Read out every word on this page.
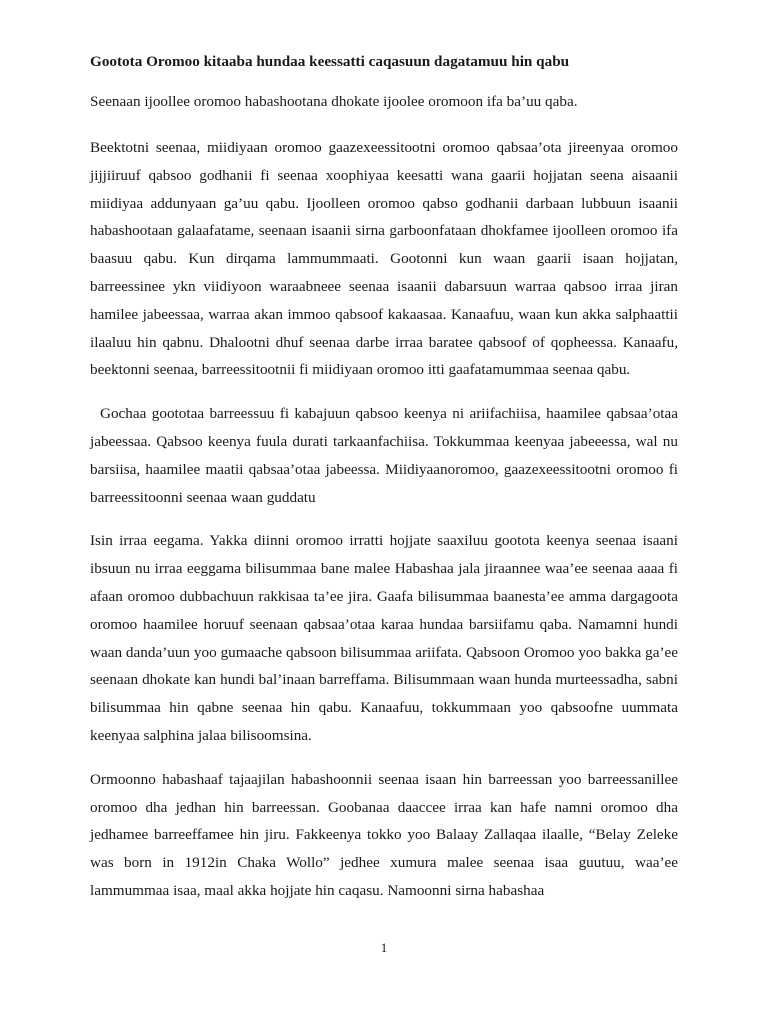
Goototа Oromoo kitaaba hundaa keessatti caqasuun dagatamuu hin qabu

Seenaan ijoollee oromoo habashootana dhokate ijoolee oromoon ifa ba’uu qaba.

Beektotni seenaa, miidiyaan oromoo gaazexeessitootni oromoo qabsaa’ota jireenyaa oromoo jijjiiruuf qabsoo godhanii fi seenaa xoophiyaa keesatti wana gaarii hojjatan seena aisaanii miidiyaa addunyaan ga’uu qabu. Ijoolleen oromoo qabso godhanii darbaan lubbuun isaanii habashootaan galaafatame, seenaan isaanii sirna garboonfataan dhokfamee ijoolleen oromoo ifa baasuu qabu. Kun dirqama lammummaati. Gootonni kun waan gaarii isaan hojjatan, barreessinee ykn viidiyoon waraabneee seenaa isaanii dabarsuun warraa qabsoo irraa jiran hamilee jabeessaa, warraa akan immoo qabsoof kakaasaa. Kanaafuu, waan kun akka salphaattii ilaaluu hin qabnu. Dhalootni dhuf seenaa darbe irraa baratee qabsoof of qopheessa. Kanaafu, beektonni seenaa, barreessitootnii fi miidiyaan oromoo itti gaafatamummaa seenaa qabu.

Gochaa goototaa barreessuu fi kabajuun qabsoo keenya ni ariifachiisa, haamilee qabsaa’otaa jabeessaa. Qabsoo keenya fuula durati tarkaanfachiisa. Tokkummaa keenyaa jabeeessa, wal nu barsiisa, haamilee maatii qabsaa’otaa jabeessa. Miidiyaanoromoo, gaazexeessitootni oromoo fi barreessitoonni seenaa waan guddatu

Isin irraa eegama. Yakka diinni oromoo irratti hojjate saaxiluu goototа keenya seenaa isaani ibsuun nu irraa eeggama bilisummaa bane malee Habashaa jala jiraannee waa’ee seenaa aaaa fi afaan oromoo dubbachuun rakkisaa ta’ee jira. Gaafa bilisummaa baanesta’ee amma dargagoota oromoo haamilee horuuf seenaan qabsaa’otaa karaa hundaa barsiifamu qaba. Namamni hundi waan danda’uun yoo gumaache qabsoon bilisummaa ariifata. Qabsoon Oromoo yoo bakka ga’ee seenaan dhokate kan hundi bal’inaan barreffama. Bilisummaan waan hunda murteessadha, sabni bilisummaa hin qabne seenaa hin qabu. Kanaafuu, tokkummaan yoo qabsoofne uummata keenyaa salphina jalaa bilisoomsina.

Ormoonno habashaaf tajaajilan habashoonnii seenaa isaan hin barreessan yoo barreessanillee oromoo dha jedhan hin barreessan. Goobanaa daaccee irraa kan hafe namni oromoo dha jedhamee barreeffamee hin jiru. Fakkeenya tokko yoo Balaay Zallaqaa ilaalle, “Belay Zeleke was born in 1912in Chaka Wollo” jedhee xumura malee seenaa isaa guutuu, waa’ee lammummaa isaa, maal akka hojjate hin caqasu. Namoonni sirna habashaa

1
